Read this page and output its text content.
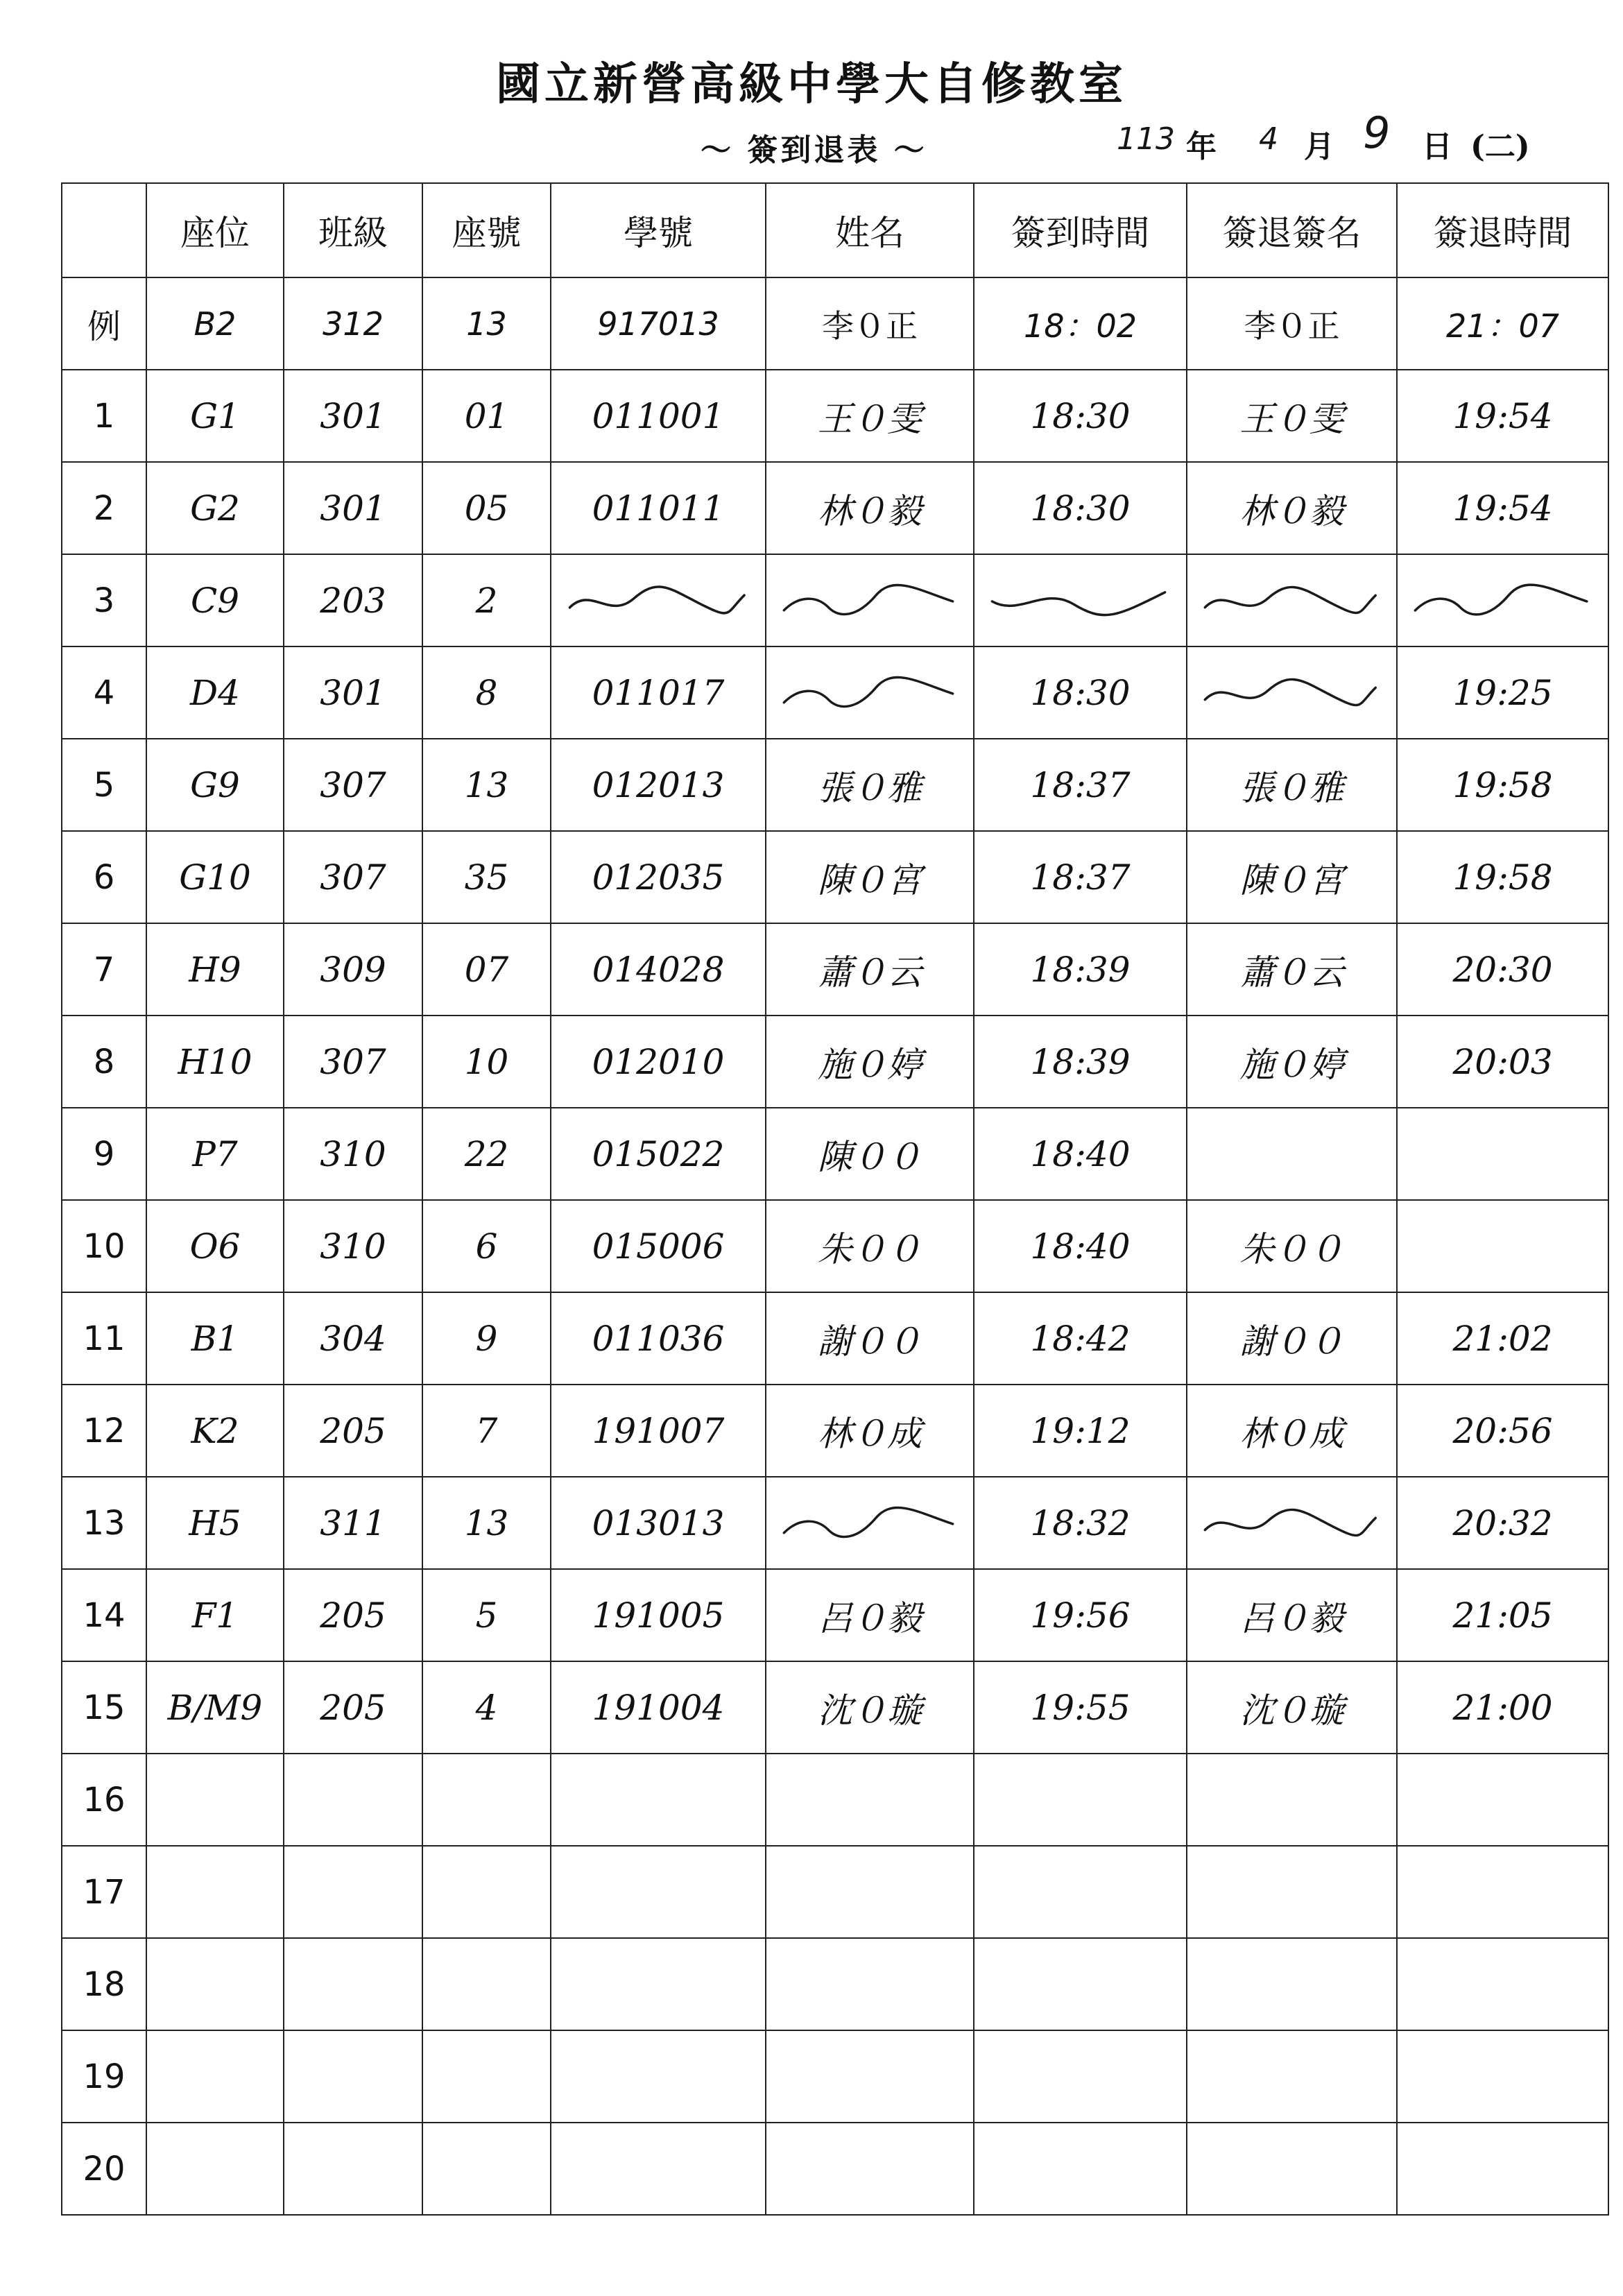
國立新營高級中學大自修教室
～ 簽到退表 ～	113 年 4 月 9 日 (二)
	座位	班級	座號	學號	姓名	簽到時間	簽退簽名	簽退時間
例	B2	312	13	917013	李０正	18：02	李０正	21：07
1	G1	301	01	011001	王０雯	18:30	王０雯	19:54
2	G2	301	05	011011	林０毅	18:30	林０毅	19:54
3	C9	203	2					
4	D4	301	8	011017		18:30		19:25
5	G9	307	13	012013	張０雅	18:37	張０雅	19:58
6	G10	307	35	012035	陳０宮	18:37	陳０宮	19:58
7	H9	309	07	014028	蕭０云	18:39	蕭０云	20:30
8	H10	307	10	012010	施０婷	18:39	施０婷	20:03
9	P7	310	22	015022	陳００	18:40		
10	O6	310	6	015006	朱００	18:40	朱００	
11	B1	304	9	011036	謝００	18:42	謝００	21:02
12	K2	205	7	191007	林０成	19:12	林０成	20:56
13	H5	311	13	013013		18:32		20:32
14	F1	205	5	191005	呂０毅	19:56	呂０毅	21:05
15	B/M9	205	4	191004	沈０璇	19:55	沈０璇	21:00
16								
17								
18								
19								
20								
